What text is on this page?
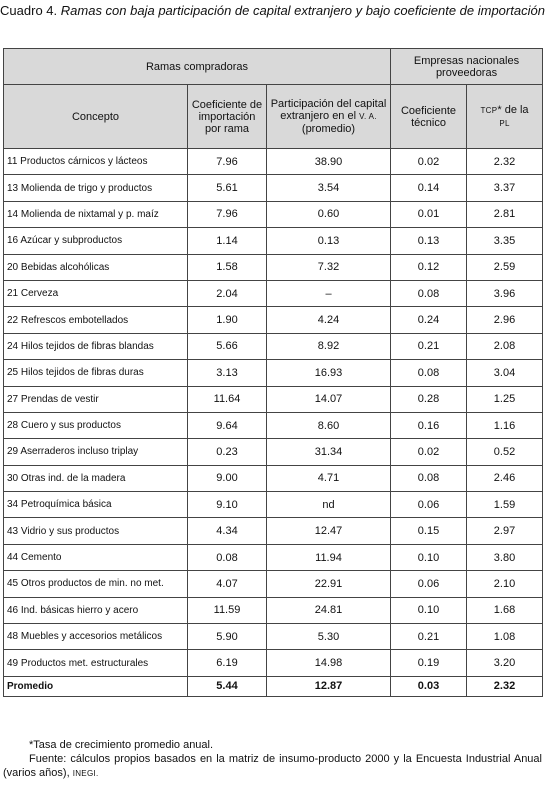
Cuadro 4. Ramas con baja participación de capital extranjero y bajo coeficiente de importación
Ramas compradoras			Empresas nacionales proveedoras	
Concepto	Coeficiente de importación por rama	Participación del capital extranjero en el V. A. (promedio)	Coeficiente técnico	TCP* de la
PL
11 Productos cárnicos y lácteos	7.96	38.90	0.02	2.32
13 Molienda de trigo y productos	5.61	3.54	0.14	3.37
14 Molienda de nixtamal y p. maíz	7.96	0.60	0.01	2.81
16 Azúcar y subproductos	1.14	0.13	0.13	3.35
20 Bebidas alcohólicas	1.58	7.32	0.12	2.59
21 Cerveza	2.04	–	0.08	3.96
22 Refrescos embotellados	1.90	4.24	0.24	2.96
24 Hilos tejidos de fibras blandas	5.66	8.92	0.21	2.08
25 Hilos tejidos de fibras duras	3.13	16.93	0.08	3.04
27 Prendas de vestir	11.64	14.07	0.28	1.25
28 Cuero y sus productos	9.64	8.60	0.16	1.16
29 Aserraderos incluso triplay	0.23	31.34	0.02	0.52
30 Otras ind. de la madera	9.00	4.71	0.08	2.46
34 Petroquímica básica	9.10	nd	0.06	1.59
43 Vidrio y sus productos	4.34	12.47	0.15	2.97
44 Cemento	0.08	11.94	0.10	3.80
45 Otros productos de min. no met.	4.07	22.91	0.06	2.10
46 Ind. básicas hierro y acero	11.59	24.81	0.10	1.68
48 Muebles y accesorios metálicos	5.90	5.30	0.21	1.08
49 Productos met. estructurales	6.19	14.98	0.19	3.20
Promedio	5.44	12.87	0.03	2.32

*Tasa de crecimiento promedio anual.

Fuente: cálculos propios basados en la matriz de insumo-producto 2000 y la Encuesta Industrial Anual (varios años), INEGI.
